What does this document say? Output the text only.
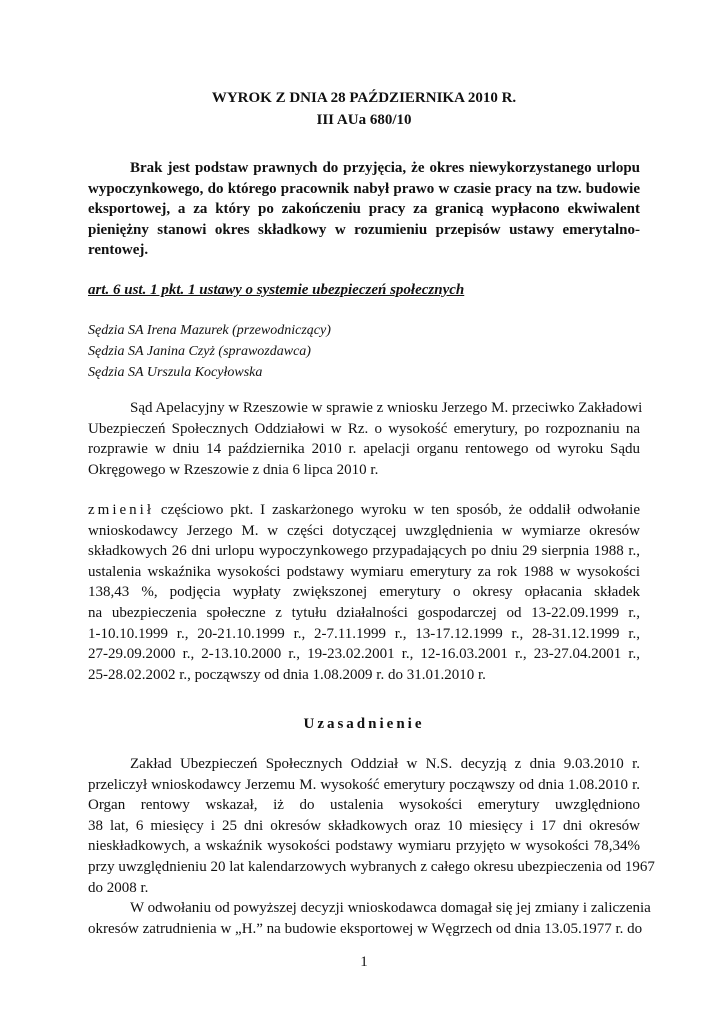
WYROK Z DNIA 28 PAŹDZIERNIKA 2010 R.
III AUa 680/10
Brak jest podstaw prawnych do przyjęcia, że okres niewykorzystanego urlopu
wypoczynkowego, do którego pracownik nabył prawo w czasie pracy na tzw. budowie
eksportowej, a za który po zakończeniu pracy za granicą wypłacono ekwiwalent
pieniężny stanowi okres składkowy w rozumieniu przepisów ustawy emerytalno-
rentowej.
art. 6 ust. 1 pkt. 1 ustawy o systemie ubezpieczeń społecznych
Sędzia SA Irena Mazurek (przewodniczący)
Sędzia SA Janina Czyż (sprawozdawca)
Sędzia SA Urszula Kocyłowska
Sąd Apelacyjny w Rzeszowie w sprawie z wniosku Jerzego M. przeciwko Zakładowi
Ubezpieczeń Społecznych Oddziałowi w Rz. o wysokość emerytury, po rozpoznaniu na
rozprawie w dniu 14 października 2010 r. apelacji organu rentowego od wyroku Sądu
Okręgowego w Rzeszowie z dnia 6 lipca 2010 r.
zmienił częściowo pkt. I zaskarżonego wyroku w ten sposób, że oddalił odwołanie
wnioskodawcy Jerzego M. w części dotyczącej uwzględnienia w wymiarze okresów
składkowych 26 dni urlopu wypoczynkowego przypadających po dniu 29 sierpnia 1988 r.,
ustalenia wskaźnika wysokości podstawy wymiaru emerytury za rok 1988 w wysokości
138,43 %, podjęcia wypłaty zwiększonej emerytury o okresy opłacania składek
na ubezpieczenia społeczne z tytułu działalności gospodarczej od 13-22.09.1999 r.,
1-10.10.1999 r., 20-21.10.1999 r., 2-7.11.1999 r., 13-17.12.1999 r., 28-31.12.1999 r.,
27-29.09.2000 r., 2-13.10.2000 r., 19-23.02.2001 r., 12-16.03.2001 r., 23-27.04.2001 r.,
25-28.02.2002 r., począwszy od dnia 1.08.2009 r. do 31.01.2010 r.
Uzasadnienie
Zakład Ubezpieczeń Społecznych Oddział w N.S. decyzją z dnia 9.03.2010 r.
przeliczył wnioskodawcy Jerzemu M. wysokość emerytury począwszy od dnia 1.08.2010 r.
Organ rentowy wskazał, iż do ustalenia wysokości emerytury uwzględniono
38 lat, 6 miesięcy i 25 dni okresów składkowych oraz 10 miesięcy i 17 dni okresów
nieskładkowych, a wskaźnik wysokości podstawy wymiaru przyjęto w wysokości 78,34%
przy uwzględnieniu 20 lat kalendarzowych wybranych z całego okresu ubezpieczenia od 1967
do 2008 r.
W odwołaniu od powyższej decyzji wnioskodawca domagał się jej zmiany i zaliczenia
okresów zatrudnienia w „H.” na budowie eksportowej w Węgrzech od dnia 13.05.1977 r. do
1
